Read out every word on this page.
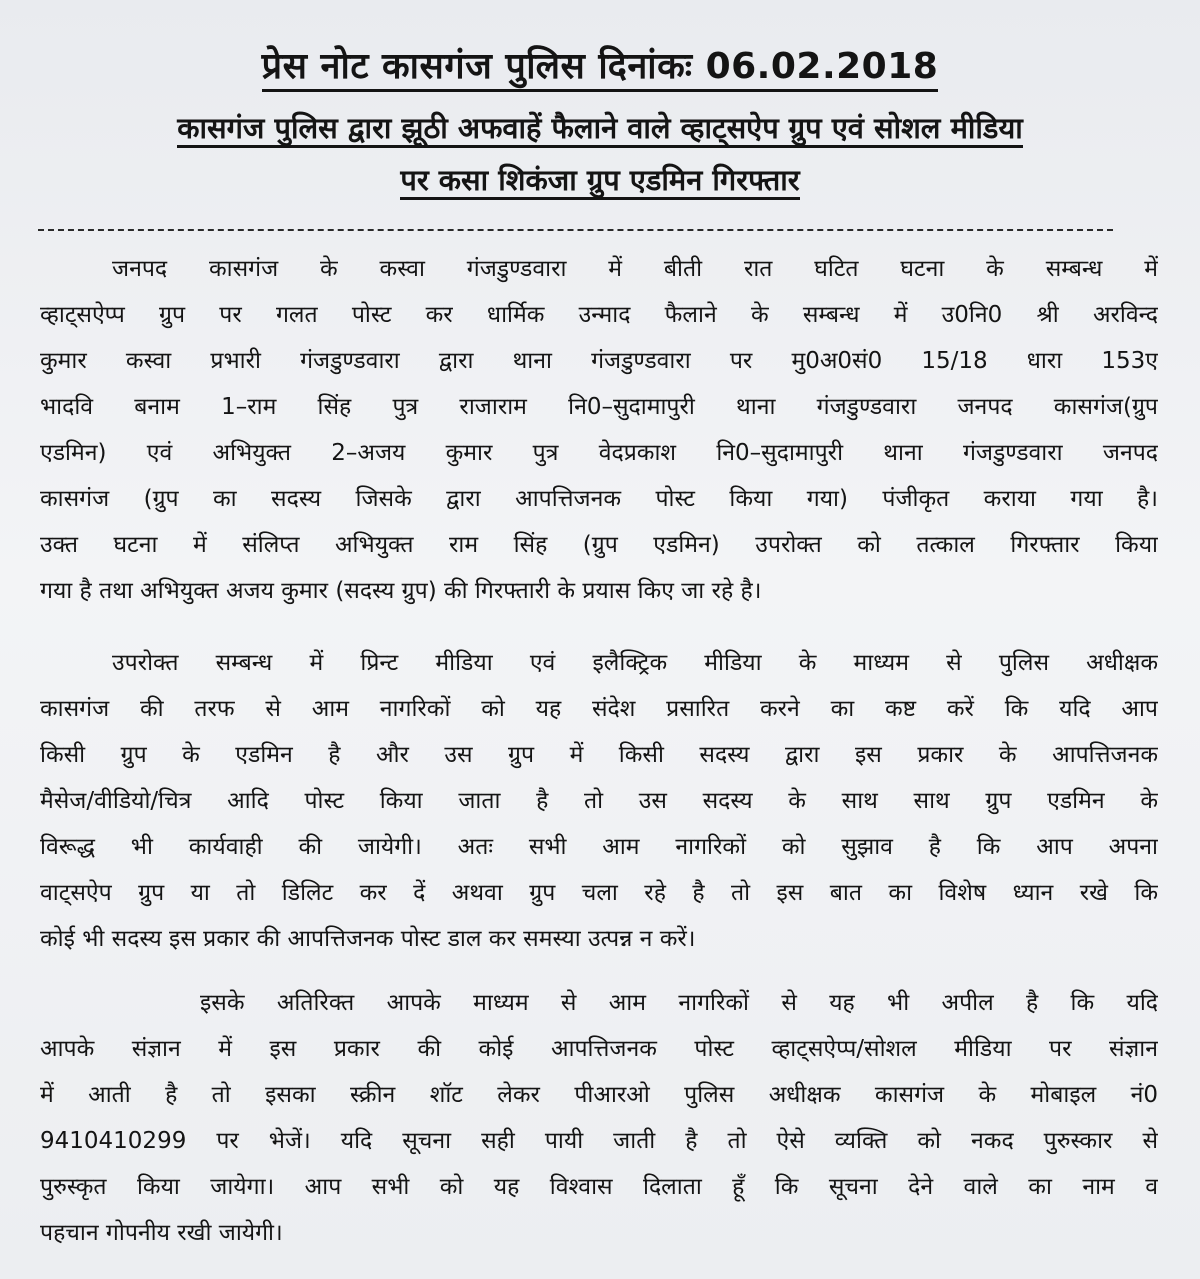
प्रेस नोट कासगंज पुलिस दिनांकः 06.02.2018
कासगंज पुलिस द्वारा झूठी अफवाहें फैलाने वाले व्हाट्सऐप ग्रुप एवं सोशल मीडिया
पर कसा शिकंजा ग्रुप एडमिन गिरफ्तार
जनपद कासगंज के कस्वा गंजडुण्डवारा में बीती रात घटित घटना के सम्बन्ध में
व्हाट्सऐप्प ग्रुप पर गलत पोस्ट कर धार्मिक उन्माद फैलाने के सम्बन्ध में उ0नि0 श्री अरविन्द
कुमार कस्वा प्रभारी गंजडुण्डवारा द्वारा थाना गंजडुण्डवारा पर मु0अ0सं0 15/18 धारा 153ए
भादवि बनाम 1–राम सिंह पुत्र राजाराम नि0–सुदामापुरी थाना गंजडुण्डवारा जनपद कासगंज(ग्रुप
एडमिन) एवं अभियुक्त 2–अजय कुमार पुत्र वेदप्रकाश नि0–सुदामापुरी थाना गंजडुण्डवारा जनपद
कासगंज (ग्रुप का सदस्य जिसके द्वारा आपत्तिजनक पोस्ट किया गया) पंजीकृत कराया गया है।
उक्त घटना में संलिप्त अभियुक्त राम सिंह (ग्रुप एडमिन) उपरोक्त को तत्काल गिरफ्तार किया
गया है तथा अभियुक्त अजय कुमार (सदस्य ग्रुप) की गिरफ्तारी के प्रयास किए जा रहे है।
उपरोक्त सम्बन्ध में प्रिन्ट मीडिया एवं इलैक्ट्रिक मीडिया के माध्यम से पुलिस अधीक्षक
कासगंज की तरफ से आम नागरिकों को यह संदेश प्रसारित करने का कष्ट करें कि यदि आप
किसी ग्रुप के एडमिन है और उस ग्रुप में किसी सदस्य द्वारा इस प्रकार के आपत्तिजनक
मैसेज/वीडियो/चित्र आदि पोस्ट किया जाता है तो उस सदस्य के साथ साथ ग्रुप एडमिन के
विरूद्ध भी कार्यवाही की जायेगी। अतः सभी आम नागरिकों को सुझाव है कि आप अपना
वाट्सऐप ग्रुप या तो डिलिट कर दें अथवा ग्रुप चला रहे है तो इस बात का विशेष ध्यान रखे कि
कोई भी सदस्य इस प्रकार की आपत्तिजनक पोस्ट डाल कर समस्या उत्पन्न न करें।
इसके अतिरिक्त आपके माध्यम से आम नागरिकों से यह भी अपील है कि यदि
आपके संज्ञान में इस प्रकार की कोई आपत्तिजनक पोस्ट व्हाट्सऐप्प/सोशल मीडिया पर संज्ञान
में आती है तो इसका स्क्रीन शॉट लेकर पीआरओ पुलिस अधीक्षक कासगंज के मोबाइल नं0
9410410299 पर भेजें। यदि सूचना सही पायी जाती है तो ऐसे व्यक्ति को नकद पुरुस्कार से
पुरुस्कृत किया जायेगा। आप सभी को यह विश्वास दिलाता हूँ कि सूचना देने वाले का नाम व
पहचान गोपनीय रखी जायेगी।
